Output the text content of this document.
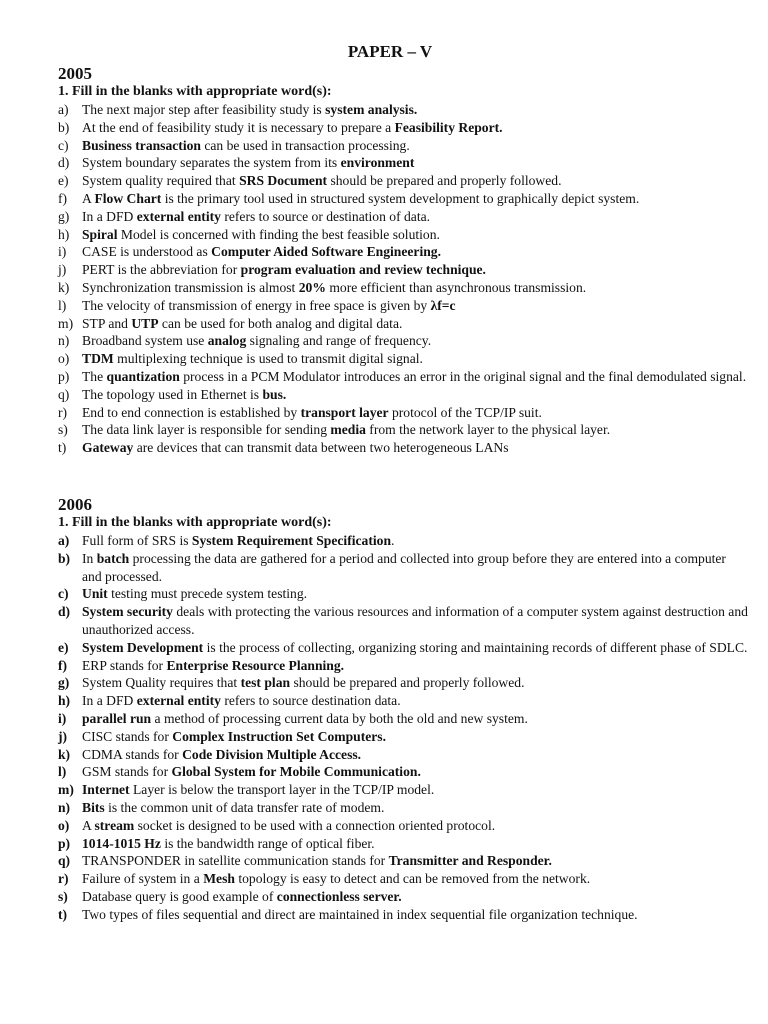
PAPER – V
2005
1. Fill in the blanks with appropriate word(s):
a) The next major step after feasibility study is system analysis.
b) At the end of feasibility study it is necessary to prepare a Feasibility Report.
c) Business transaction can be used in transaction processing.
d) System boundary separates the system from its environment
e) System quality required that SRS Document should be prepared and properly followed.
f) A Flow Chart is the primary tool used in structured system development to graphically depict system.
g) In a DFD external entity refers to source or destination of data.
h) Spiral Model is concerned with finding the best feasible solution.
i) CASE is understood as Computer Aided Software Engineering.
j) PERT is the abbreviation for program evaluation and review technique.
k) Synchronization transmission is almost 20% more efficient than asynchronous transmission.
l) The velocity of transmission of energy in free space is given by λf=c
m) STP and UTP can be used for both analog and digital data.
n) Broadband system use analog signaling and range of frequency.
o) TDM multiplexing technique is used to transmit digital signal.
p) The quantization process in a PCM Modulator introduces an error in the original signal and the final demodulated signal.
q) The topology used in Ethernet is bus.
r) End to end connection is established by transport layer protocol of the TCP/IP suit.
s) The data link layer is responsible for sending media from the network layer to the physical layer.
t) Gateway are devices that can transmit data between two heterogeneous LANs
2006
1. Fill in the blanks with appropriate word(s):
a) Full form of SRS is System Requirement Specification.
b) In batch processing the data are gathered for a period and collected into group before they are entered into a computer and processed.
c) Unit testing must precede system testing.
d) System security deals with protecting the various resources and information of a computer system against destruction and unauthorized access.
e) System Development is the process of collecting, organizing storing and maintaining records of different phase of SDLC.
f) ERP stands for Enterprise Resource Planning.
g) System Quality requires that test plan should be prepared and properly followed.
h) In a DFD external entity refers to source destination data.
i) parallel run a method of processing current data by both the old and new system.
j) CISC stands for Complex Instruction Set Computers.
k) CDMA stands for Code Division Multiple Access.
l) GSM stands for Global System for Mobile Communication.
m) Internet Layer is below the transport layer in the TCP/IP model.
n) Bits is the common unit of data transfer rate of modem.
o) A stream socket is designed to be used with a connection oriented protocol.
p) 1014-1015 Hz is the bandwidth range of optical fiber.
q) TRANSPONDER in satellite communication stands for Transmitter and Responder.
r) Failure of system in a Mesh topology is easy to detect and can be removed from the network.
s) Database query is good example of connectionless server.
t) Two types of files sequential and direct are maintained in index sequential file organization technique.
